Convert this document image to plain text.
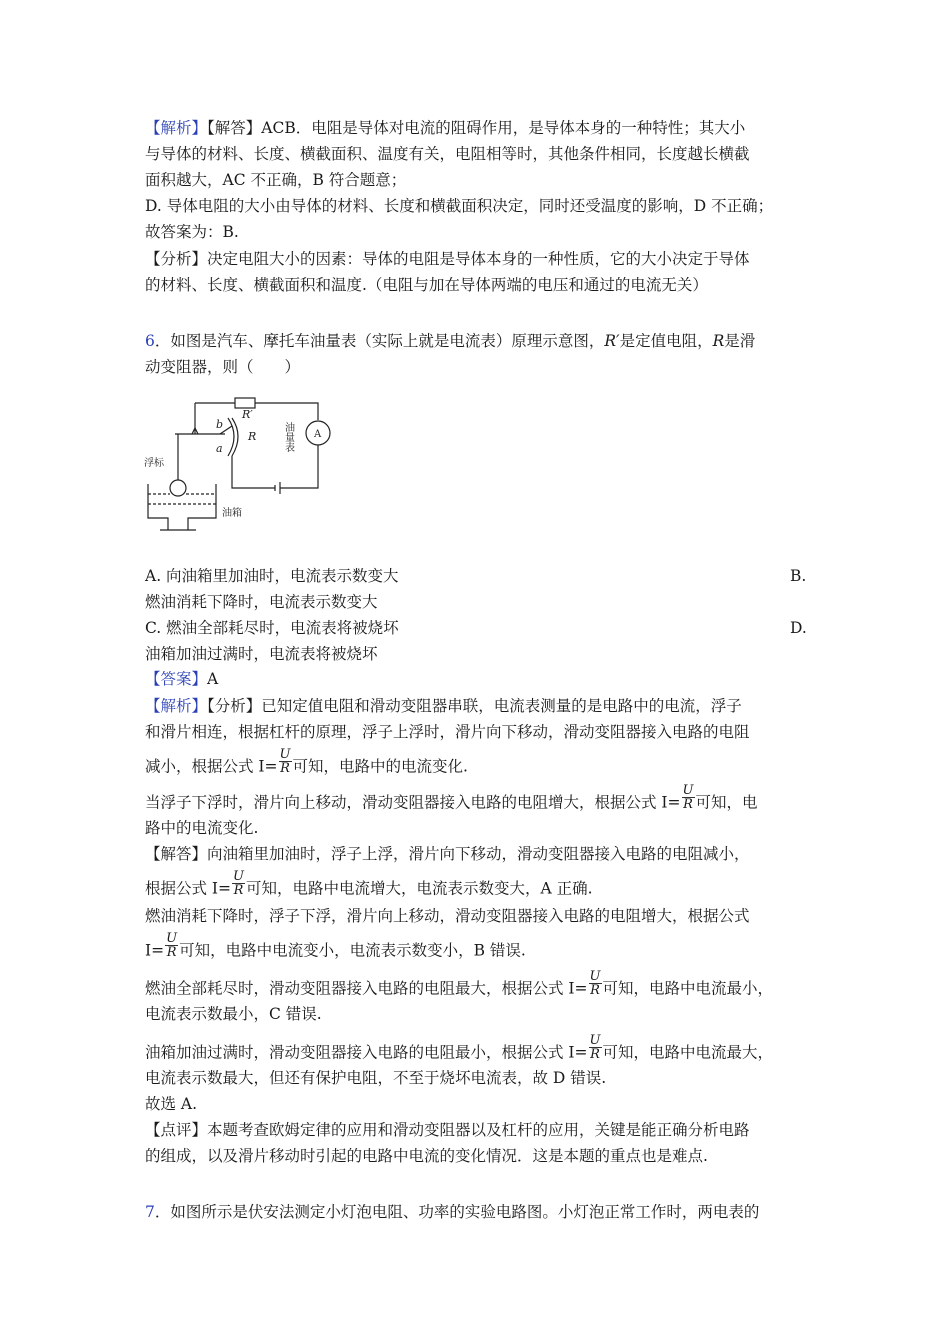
【解析】【解答】ACB．电阻是导体对电流的阻碍作用，是导体本身的一种特性；其大小
与导体的材料、长度、横截面积、温度有关，电阻相等时，其他条件相同，长度越长横截
面积越大，AC 不正确，B 符合题意；
D. 导体电阻的大小由导体的材料、长度和横截面积决定，同时还受温度的影响，D 不正确；
故答案为：B.
【分析】决定电阻大小的因素：导体的电阻是导体本身的一种性质，它的大小决定于导体
的材料、长度、横截面积和温度.（电阻与加在导体两端的电压和通过的电流无关）
6．如图是汽车、摩托车油量表（实际上就是电流表）原理示意图，R′是定值电阻，R是滑
动变阻器，则（　　）
R′
R
b
a
A
浮标
油箱
油量表
A. 向油箱里加油时，电流表示数变大	B.
燃油消耗下降时，电流表示数变大
C. 燃油全部耗尽时，电流表将被烧坏	D.
油箱加油过满时，电流表将被烧坏
【答案】A
【解析】【分析】已知定值电阻和滑动变阻器串联，电流表测量的是电路中的电流，浮子
和滑片相连，根据杠杆的原理，浮子上浮时，滑片向下移动，滑动变阻器接入电路的电阻
减小，根据公式 $I= \frac{U}{R}$ 可知，电路中的电流变化.
当浮子下浮时，滑片向上移动，滑动变阻器接入电路的电阻增大，根据公式 $I= \frac{U}{R}$ 可知，电
路中的电流变化.
【解答】向油箱里加油时，浮子上浮，滑片向下移动，滑动变阻器接入电路的电阻减小，
根据公式 $I= \frac{U}{R}$ 可知，电路中电流增大，电流表示数变大，A 正确.
燃油消耗下降时，浮子下浮，滑片向上移动，滑动变阻器接入电路的电阻增大，根据公式
$I= \frac{U}{R}$ 可知，电路中电流变小，电流表示数变小，B 错误.
燃油全部耗尽时，滑动变阻器接入电路的电阻最大，根据公式 $I= \frac{U}{R}$ 可知，电路中电流最小，
电流表示数最小，C 错误.
油箱加油过满时，滑动变阻器接入电路的电阻最小，根据公式 $I= \frac{U}{R}$ 可知，电路中电流最大，
电流表示数最大，但还有保护电阻，不至于烧坏电流表，故 D 错误.
故选 A.
【点评】本题考查欧姆定律的应用和滑动变阻器以及杠杆的应用，关键是能正确分析电路
的组成，以及滑片移动时引起的电路中电流的变化情况．这是本题的重点也是难点.
7．如图所示是伏安法测定小灯泡电阻、功率的实验电路图。小灯泡正常工作时，两电表的
